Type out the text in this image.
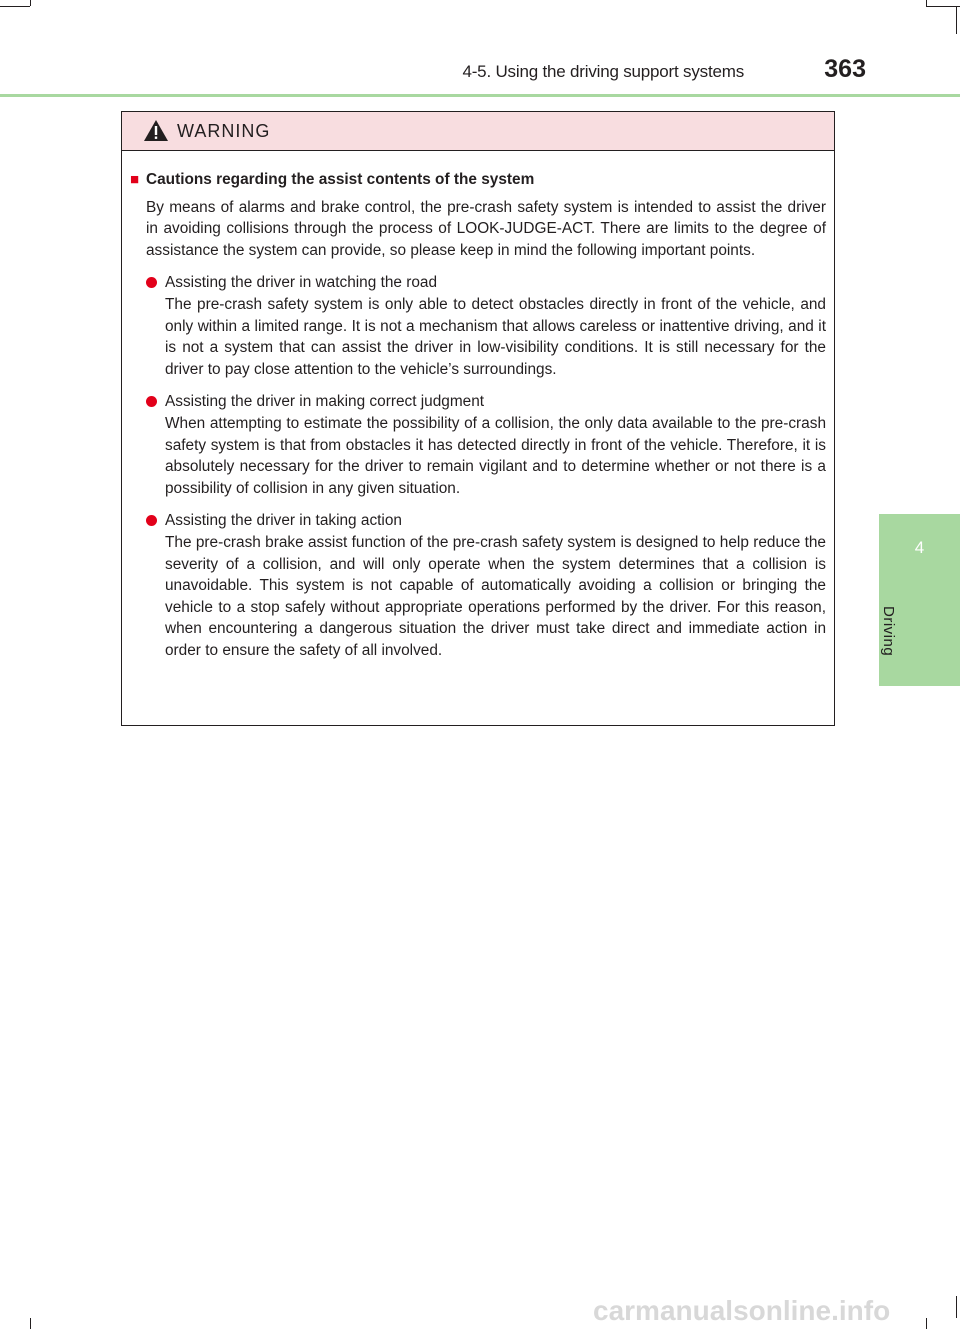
4-5. Using the driving support systems	363
4
Driving
WARNING
■ Cautions regarding the assist contents of the system
By means of alarms and brake control, the pre-crash safety system is intended to assist the driver in avoiding collisions through the process of LOOK-JUDGE-ACT. There are limits to the degree of assistance the system can provide, so please keep in mind the following important points.
Assisting the driver in watching the road
The pre-crash safety system is only able to detect obstacles directly in front of the vehicle, and only within a limited range. It is not a mechanism that allows careless or inattentive driving, and it is not a system that can assist the driver in low-visibility conditions. It is still necessary for the driver to pay close attention to the vehicle’s surroundings.
Assisting the driver in making correct judgment
When attempting to estimate the possibility of a collision, the only data available to the pre-crash safety system is that from obstacles it has detected directly in front of the vehicle. Therefore, it is absolutely necessary for the driver to remain vigilant and to determine whether or not there is a possibility of collision in any given situation.
Assisting the driver in taking action
The pre-crash brake assist function of the pre-crash safety system is designed to help reduce the severity of a collision, and will only operate when the system determines that a collision is unavoidable. This system is not capable of automatically avoiding a collision or bringing the vehicle to a stop safely without appropriate operations performed by the driver. For this reason, when encountering a dangerous situation the driver must take direct and immediate action in order to ensure the safety of all involved.
carmanualsonline.info
